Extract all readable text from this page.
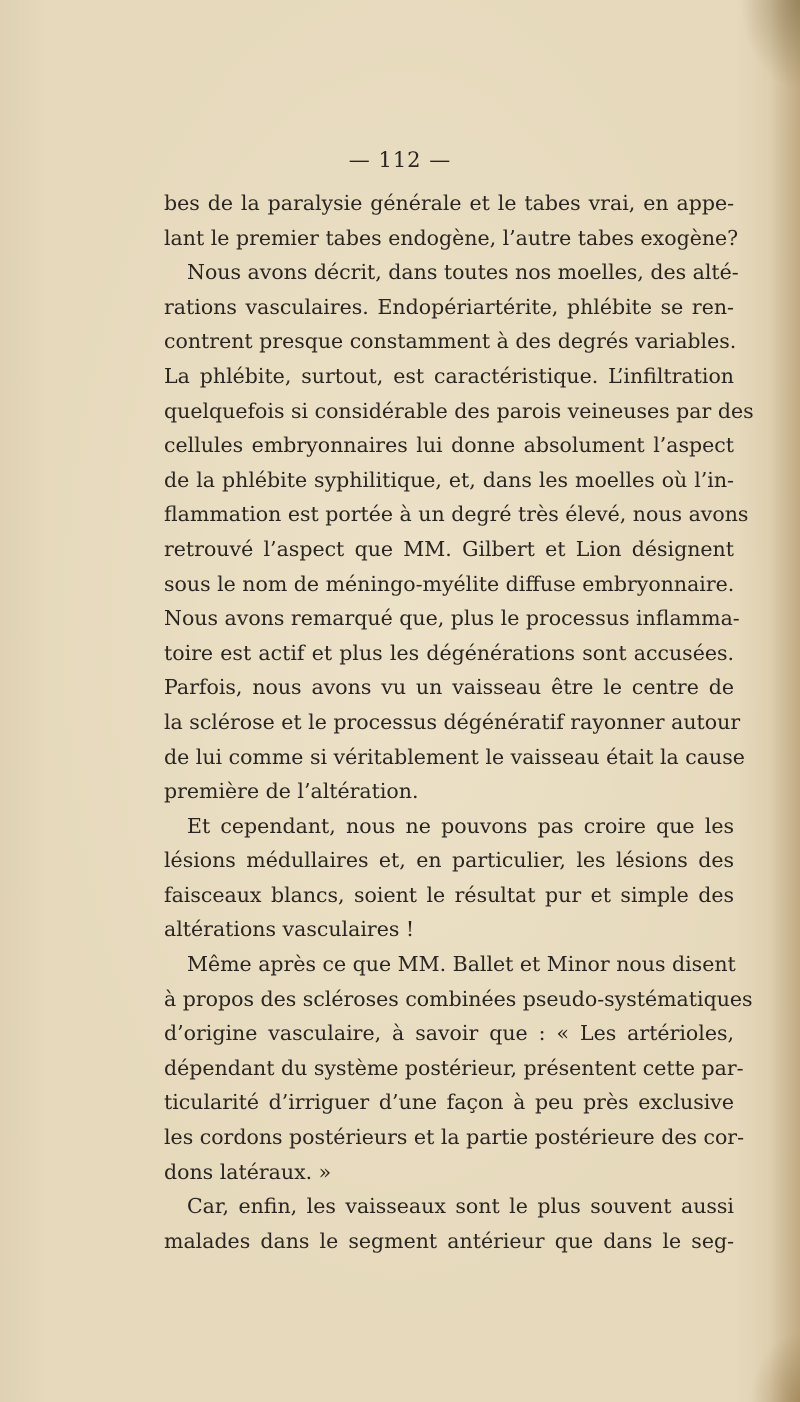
— 112 —
bes de la paralysie générale et le tabes vrai, en appe-
lant le premier tabes endogène, l’autre tabes exogène?
Nous avons décrit, dans toutes nos moelles, des alté-
rations vasculaires. Endopériartérite, phlébite se ren-
contrent presque constamment à des degrés variables.
La phlébite, surtout, est caractéristique. L’infiltration
quelquefois si considérable des parois veineuses par des
cellules embryonnaires lui donne absolument l’aspect
de la phlébite syphilitique, et, dans les moelles où l’in-
flammation est portée à un degré très élevé, nous avons
retrouvé l’aspect que MM. Gilbert et Lion désignent
sous le nom de méningo-myélite diffuse embryonnaire.
Nous avons remarqué que, plus le processus inflamma-
toire est actif et plus les dégénérations sont accusées.
Parfois, nous avons vu un vaisseau être le centre de
la sclérose et le processus dégénératif rayonner autour
de lui comme si véritablement le vaisseau était la cause
première de l’altération.
Et cependant, nous ne pouvons pas croire que les
lésions médullaires et, en particulier, les lésions des
faisceaux blancs, soient le résultat pur et simple des
altérations vasculaires !
Même après ce que MM. Ballet et Minor nous disent
à propos des scléroses combinées pseudo-systématiques
d’origine vasculaire, à savoir que : « Les artérioles,
dépendant du système postérieur, présentent cette par-
ticularité d’irriguer d’une façon à peu près exclusive
les cordons postérieurs et la partie postérieure des cor-
dons latéraux. »
Car, enfin, les vaisseaux sont le plus souvent aussi
malades dans le segment antérieur que dans le seg-
